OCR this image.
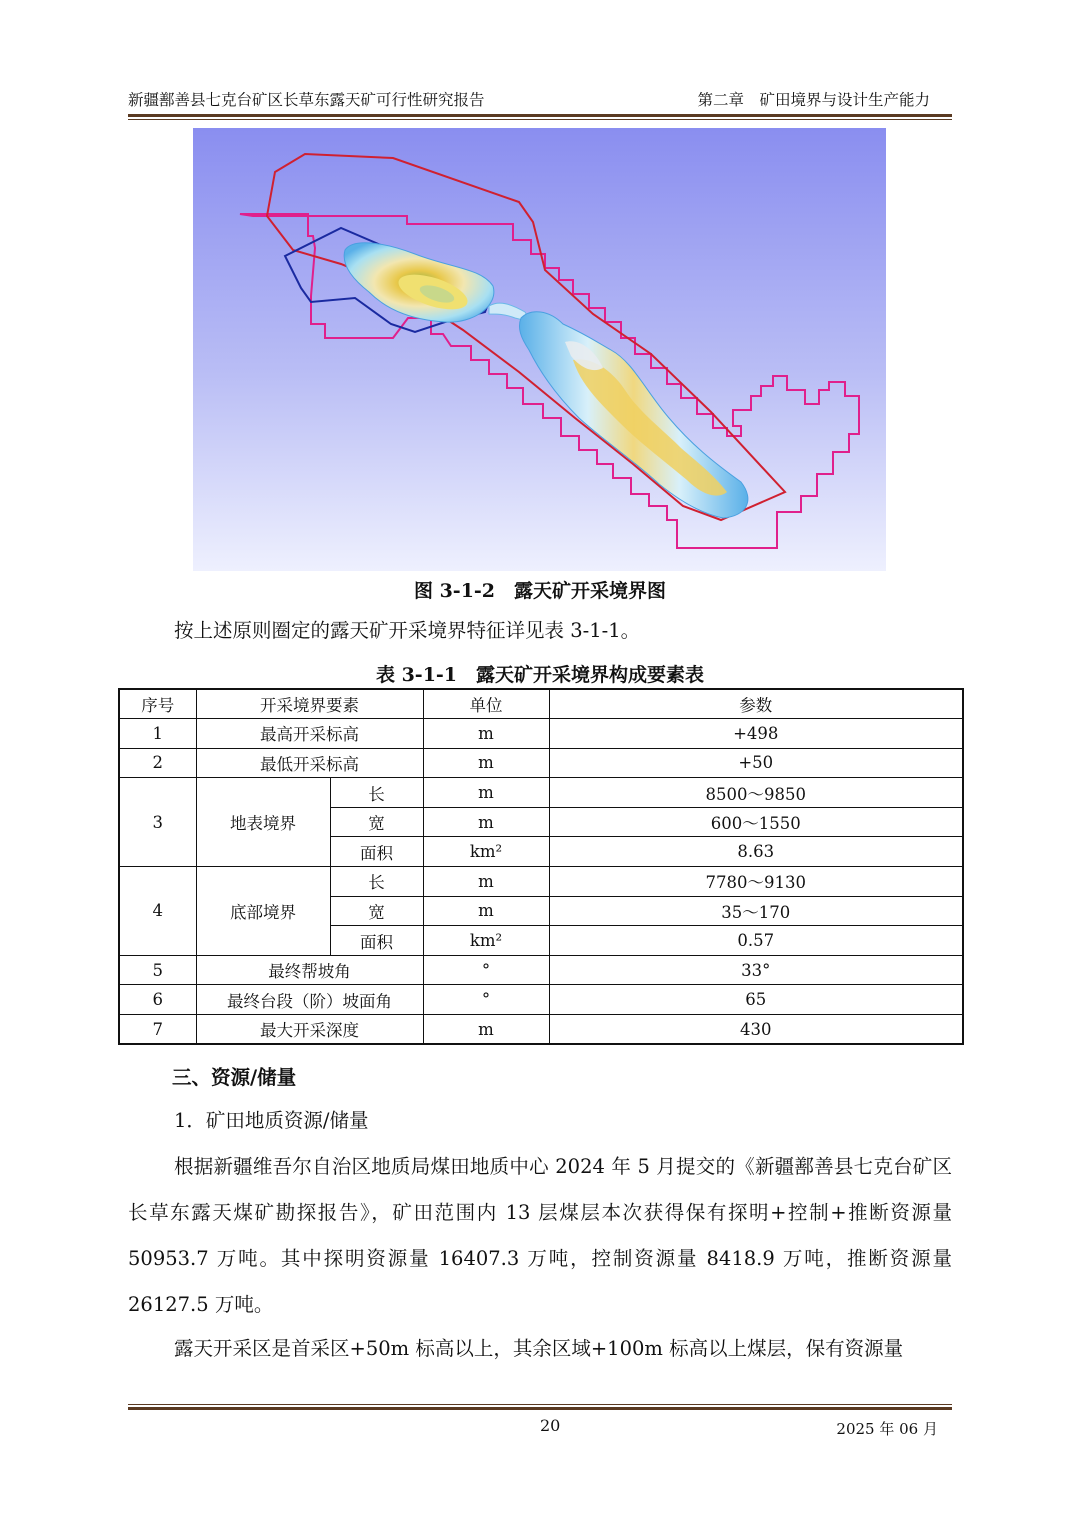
新疆鄯善县七克台矿区长草东露天矿可行性研究报告	第二章　矿田境界与设计生产能力
图 3-1-2　露天矿开采境界图
按上述原则圈定的露天矿开采境界特征详见表 3-1-1。
表 3-1-1　露天矿开采境界构成要素表
序号	开采境界要素		单位	参数
1	最高开采标高		m	+498
2	最低开采标高		m	+50
3	地表境界	长	m	8500～9850
		宽	m	600～1550
		面积	km²	8.63
4	底部境界	长	m	7780～9130
		宽	m	35～170
		面积	km²	0.57
5	最终帮坡角		°	33°
6	最终台段（阶）坡面角		°	65
7	最大开采深度		m	430
三、资源/储量
1．矿田地质资源/储量
根据新疆维吾尔自治区地质局煤田地质中心 2024 年 5 月提交的《新疆鄯善县七克台矿区长草东露天煤矿勘探报告》，矿田范围内 13 层煤层本次获得保有探明+控制+推断资源量 50953.7 万吨。其中探明资源量 16407.3 万吨，控制资源量 8418.9 万吨，推断资源量 26127.5 万吨。
露天开采区是首采区+50m 标高以上，其余区域+100m 标高以上煤层，保有资源量
20	2025 年 06 月
